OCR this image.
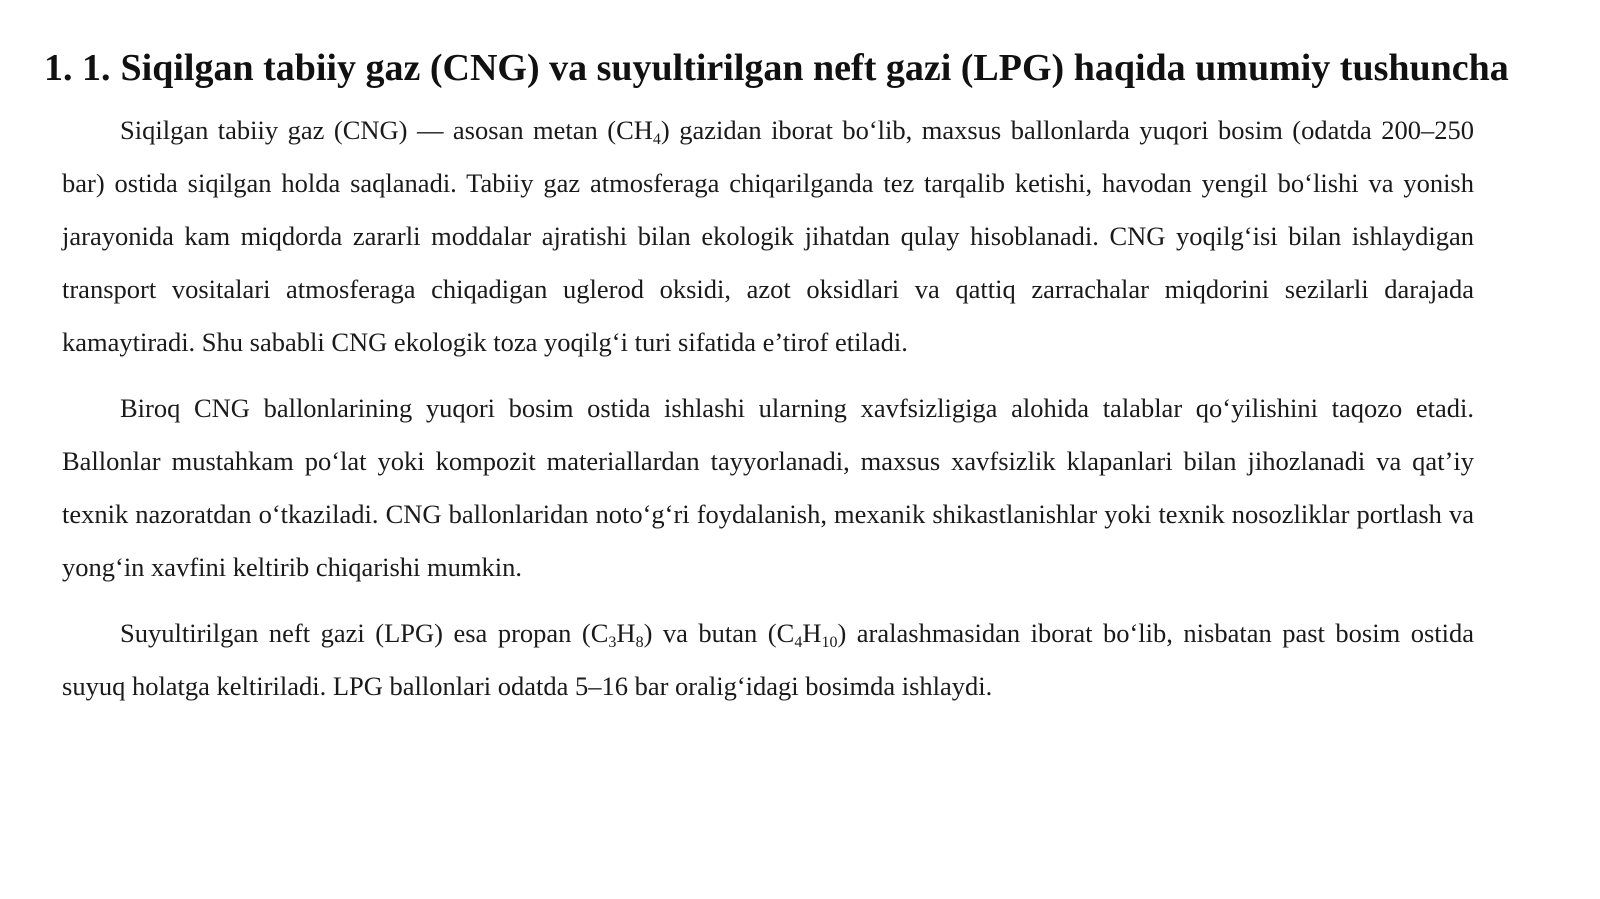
1. 1. Siqilgan tabiiy gaz (CNG) va suyultirilgan neft gazi (LPG) haqida umumiy tushuncha

Siqilgan tabiiy gaz (CNG) — asosan metan $(CH_4)$ gazidan iborat bo‘lib, maxsus ballonlarda yuqori bosim (odatda 200–250 bar) ostida siqilgan holda saqlanadi. Tabiiy gaz atmosferaga chiqarilganda tez tarqalib ketishi, havodan yengil bo‘lishi va yonish jarayonida kam miqdorda zararli moddalar ajratishi bilan ekologik jihatdan qulay hisoblanadi. CNG yoqilg‘isi bilan ishlaydigan transport vositalari atmosferaga chiqadigan uglerod oksidi, azot oksidlari va qattiq zarrachalar miqdorini sezilarli darajada kamaytiradi. Shu sababli CNG ekologik toza yoqilg‘i turi sifatida e’tirof etiladi.

Biroq CNG ballonlarining yuqori bosim ostida ishlashi ularning xavfsizligiga alohida talablar qo‘yilishini taqozo etadi. Ballonlar mustahkam po‘lat yoki kompozit materiallardan tayyorlanadi, maxsus xavfsizlik klapanlari bilan jihozlanadi va qat’iy texnik nazoratdan o‘tkaziladi. CNG ballonlaridan noto‘g‘ri foydalanish, mexanik shikastlanishlar yoki texnik nosozliklar portlash va yong‘in xavfini keltirib chiqarishi mumkin.

Suyultirilgan neft gazi (LPG) esa propan $(C_3H_8)$ va butan $(C_4H_{10})$ aralashmasidan iborat bo‘lib, nisbatan past bosim ostida suyuq holatga keltiriladi. LPG ballonlari odatda 5–16 bar oralig‘idagi bosimda ishlaydi.
